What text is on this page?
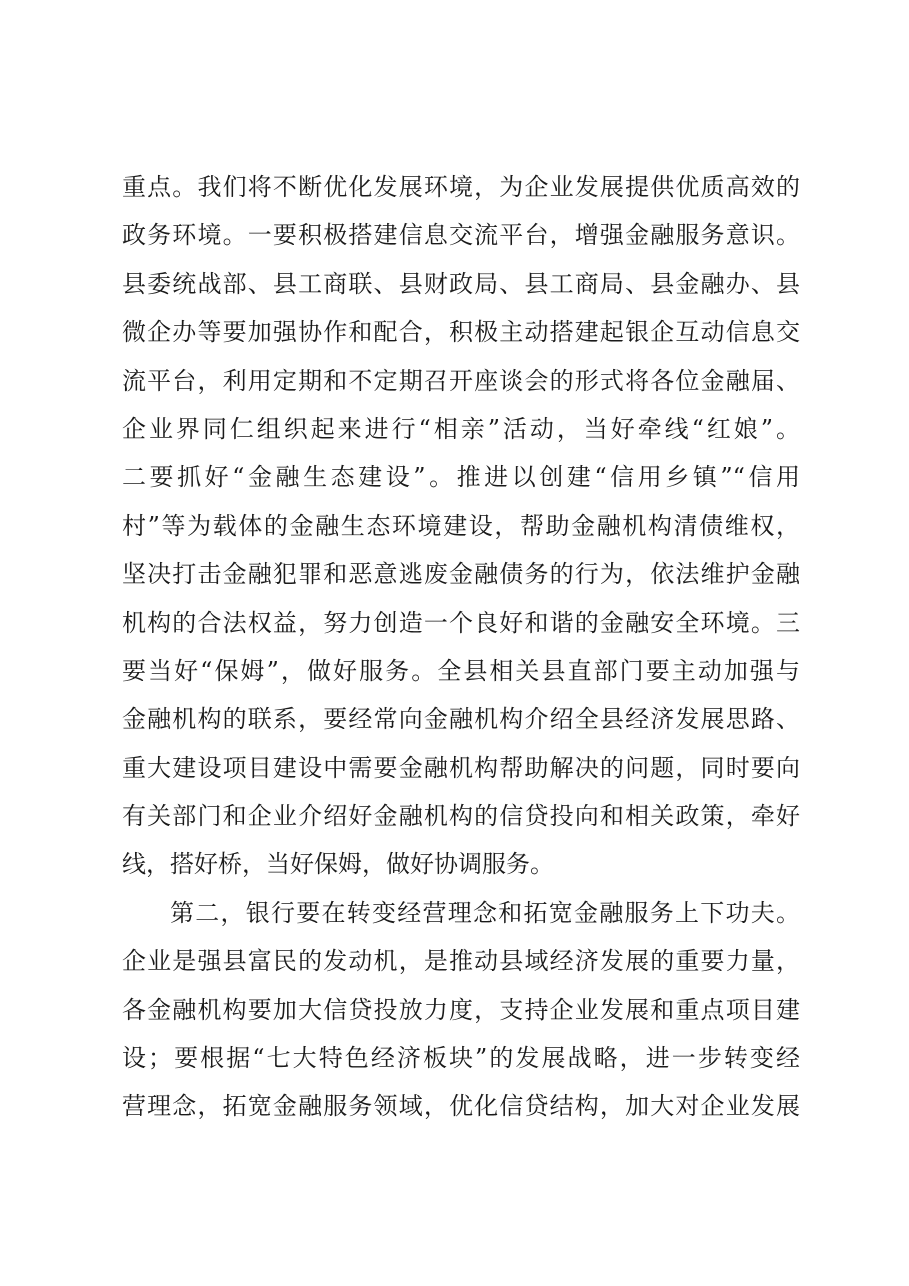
重点。我们将不断优化发展环境，为企业发展提供优质高效的
政务环境。一要积极搭建信息交流平台，增强金融服务意识。
县委统战部、县工商联、县财政局、县工商局、县金融办、县
微企办等要加强协作和配合，积极主动搭建起银企互动信息交
流平台，利用定期和不定期召开座谈会的形式将各位金融届、
企业界同仁组织起来进行“相亲”活动，当好牵线“红娘”。
二要抓好“金融生态建设”。推进以创建“信用乡镇”“信用
村”等为载体的金融生态环境建设，帮助金融机构清债维权，
坚决打击金融犯罪和恶意逃废金融债务的行为，依法维护金融
机构的合法权益，努力创造一个良好和谐的金融安全环境。三
要当好“保姆”，做好服务。全县相关县直部门要主动加强与
金融机构的联系，要经常向金融机构介绍全县经济发展思路、
重大建设项目建设中需要金融机构帮助解决的问题，同时要向
有关部门和企业介绍好金融机构的信贷投向和相关政策，牵好
线，搭好桥，当好保姆，做好协调服务。
第二，银行要在转变经营理念和拓宽金融服务上下功夫。
企业是强县富民的发动机，是推动县域经济发展的重要力量，
各金融机构要加大信贷投放力度，支持企业发展和重点项目建
设；要根据“七大特色经济板块”的发展战略，进一步转变经
营理念，拓宽金融服务领域，优化信贷结构，加大对企业发展
